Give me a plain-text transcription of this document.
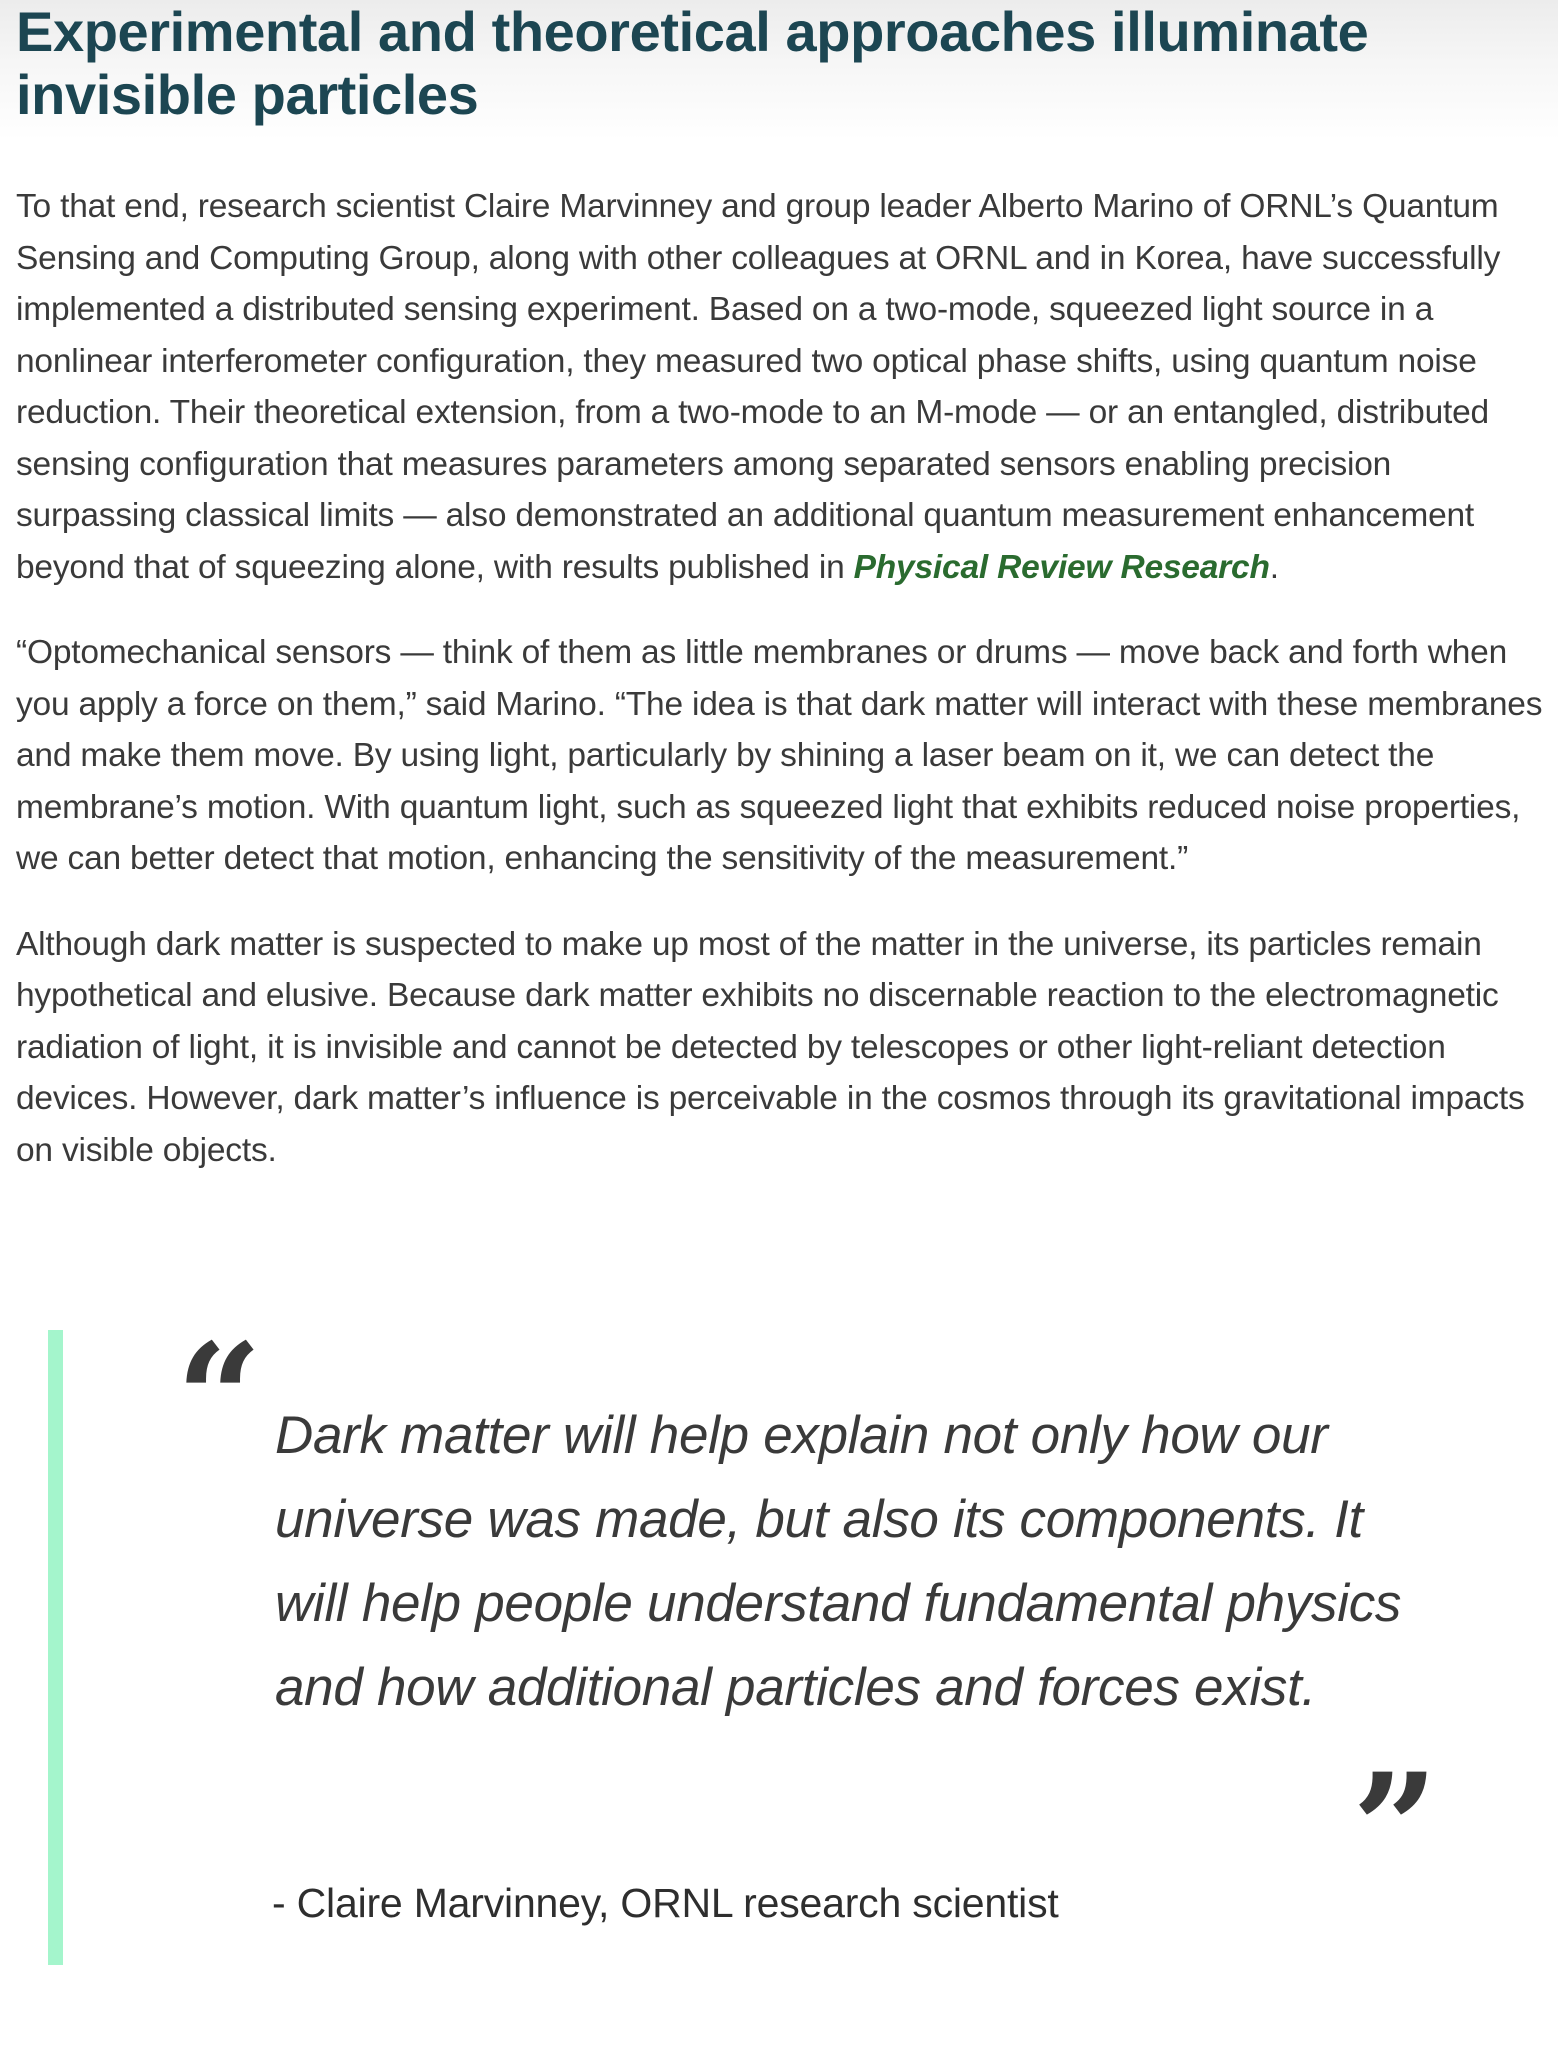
Experimental and theoretical approaches illuminate invisible particles

To that end, research scientist Claire Marvinney and group leader Alberto Marino of ORNL’s Quantum Sensing and Computing Group, along with other colleagues at ORNL and in Korea, have successfully implemented a distributed sensing experiment. Based on a two-mode, squeezed light source in a nonlinear interferometer configuration, they measured two optical phase shifts, using quantum noise reduction. Their theoretical extension, from a two-mode to an M-mode — or an entangled, distributed sensing configuration that measures parameters among separated sensors enabling precision surpassing classical limits — also demonstrated an additional quantum measurement enhancement beyond that of squeezing alone, with results published in Physical Review Research.

“Optomechanical sensors — think of them as little membranes or drums — move back and forth when you apply a force on them,” said Marino. “The idea is that dark matter will interact with these membranes and make them move. By using light, particularly by shining a laser beam on it, we can detect the membrane’s motion. With quantum light, such as squeezed light that exhibits reduced noise properties, we can better detect that motion, enhancing the sensitivity of the measurement.”

Although dark matter is suspected to make up most of the matter in the universe, its particles remain hypothetical and elusive. Because dark matter exhibits no discernable reaction to the electromagnetic radiation of light, it is invisible and cannot be detected by telescopes or other light-reliant detection devices. However, dark matter’s influence is perceivable in the cosmos through its gravitational impacts on visible objects.

“ Dark matter will help explain not only how our universe was made, but also its components. It will help people understand fundamental physics and how additional particles and forces exist.

”

- Claire Marvinney, ORNL research scientist
